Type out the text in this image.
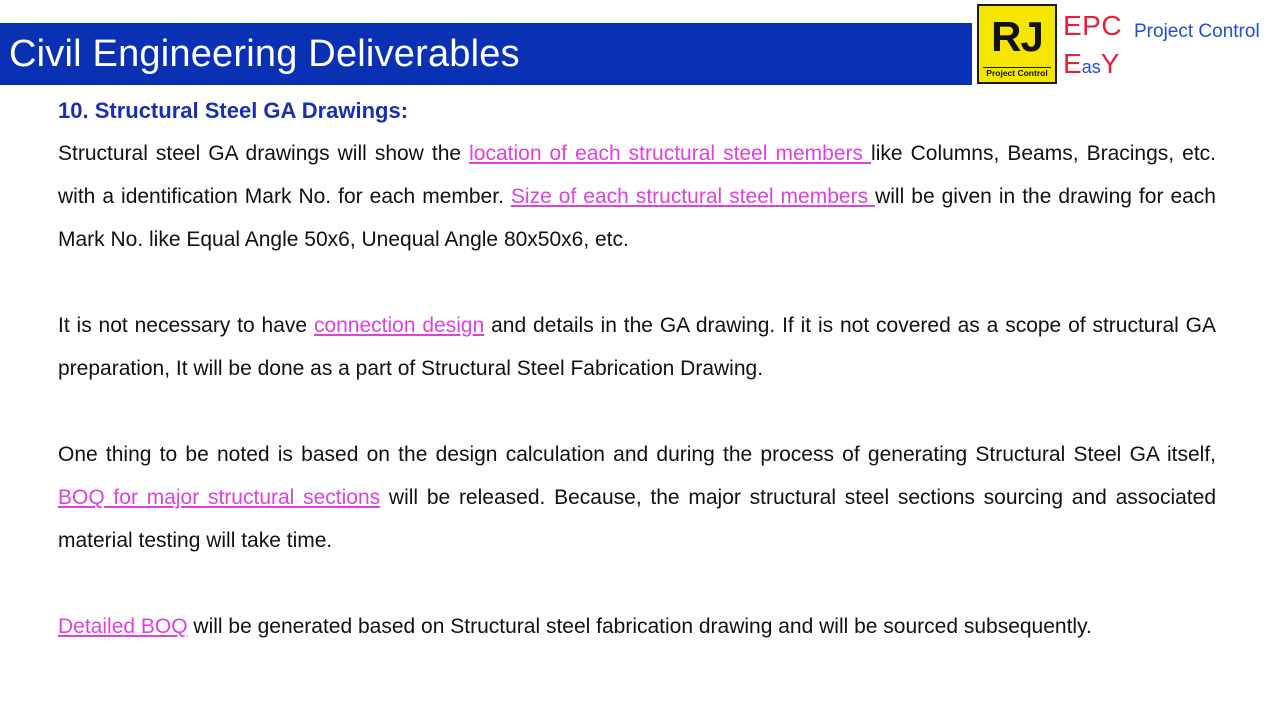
Civil Engineering Deliverables	RJ
Project Control
EPC Project Control
EasY
10. Structural Steel GA Drawings:

Structural steel GA drawings will show the location of each structural steel members like Columns, Beams, Bracings, etc. with a identification Mark No. for each member. Size of each structural steel members will be given in the drawing for each Mark No. like Equal Angle 50x6, Unequal Angle 80x50x6, etc.

It is not necessary to have connection design and details in the GA drawing. If it is not covered as a scope of structural GA preparation, It will be done as a part of Structural Steel Fabrication Drawing.

One thing to be noted is based on the design calculation and during the process of generating Structural Steel GA itself, BOQ for major structural sections will be released. Because, the major structural steel sections sourcing and associated material testing will take time.

Detailed BOQ will be generated based on Structural steel fabrication drawing and will be sourced subsequently.
